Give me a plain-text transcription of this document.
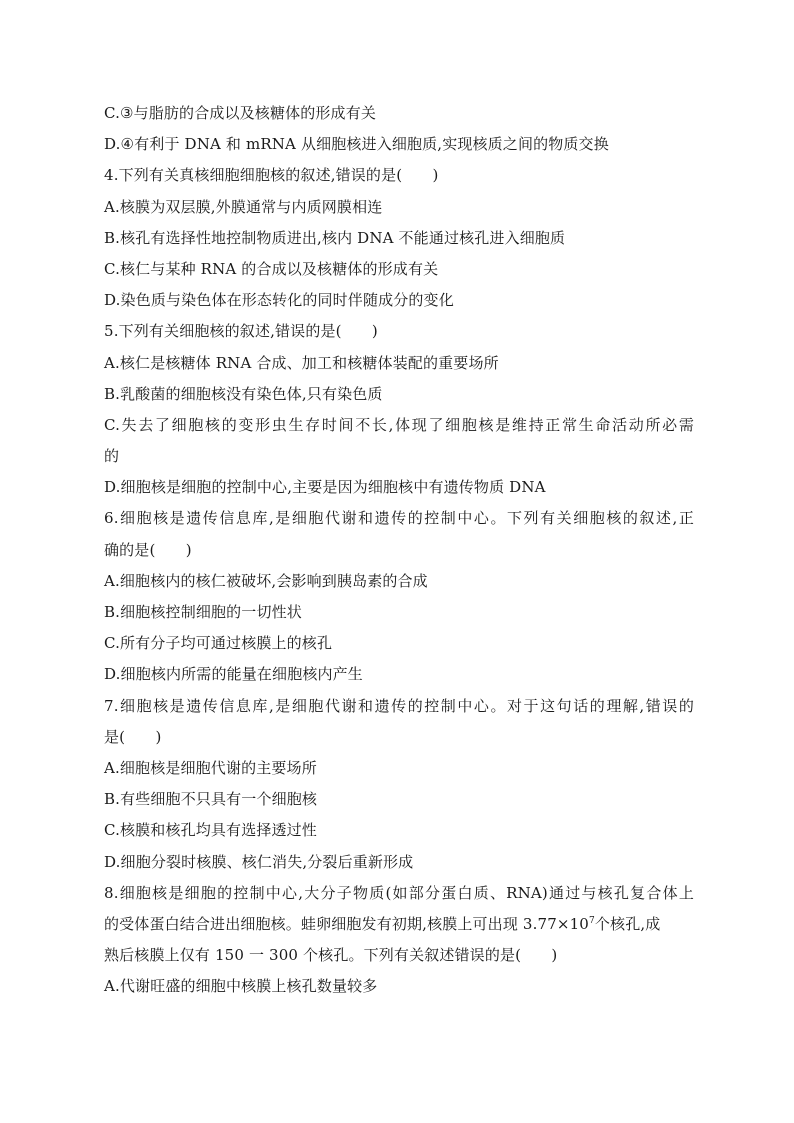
C.③与脂肪的合成以及核糖体的形成有关
D.④有利于 DNA 和 mRNA 从细胞核进入细胞质,实现核质之间的物质交换
4.下列有关真核细胞细胞核的叙述,错误的是(　　)
A.核膜为双层膜,外膜通常与内质网膜相连
B.核孔有选择性地控制物质进出,核内 DNA 不能通过核孔进入细胞质
C.核仁与某种 RNA 的合成以及核糖体的形成有关
D.染色质与染色体在形态转化的同时伴随成分的变化
5.下列有关细胞核的叙述,错误的是(　　)
A.核仁是核糖体 RNA 合成、加工和核糖体装配的重要场所
B.乳酸菌的细胞核没有染色体,只有染色质
C.失去了细胞核的变形虫生存时间不长,体现了细胞核是维持正常生命活动所必需
的
D.细胞核是细胞的控制中心,主要是因为细胞核中有遗传物质 DNA
6.细胞核是遗传信息库,是细胞代谢和遗传的控制中心。下列有关细胞核的叙述,正
确的是(　　)
A.细胞核内的核仁被破坏,会影响到胰岛素的合成
B.细胞核控制细胞的一切性状
C.所有分子均可通过核膜上的核孔
D.细胞核内所需的能量在细胞核内产生
7.细胞核是遗传信息库,是细胞代谢和遗传的控制中心。对于这句话的理解,错误的
是(　　)
A.细胞核是细胞代谢的主要场所
B.有些细胞不只具有一个细胞核
C.核膜和核孔均具有选择透过性
D.细胞分裂时核膜、核仁消失,分裂后重新形成
8.细胞核是细胞的控制中心,大分子物质(如部分蛋白质、RNA)通过与核孔复合体上
的受体蛋白结合进出细胞核。蛙卵细胞发有初期,核膜上可出现 $3.77\times 10^7$个核孔,成
熟后核膜上仅有 150 一 300 个核孔。下列有关叙述错误的是(　　)
A.代谢旺盛的细胞中核膜上核孔数量较多
